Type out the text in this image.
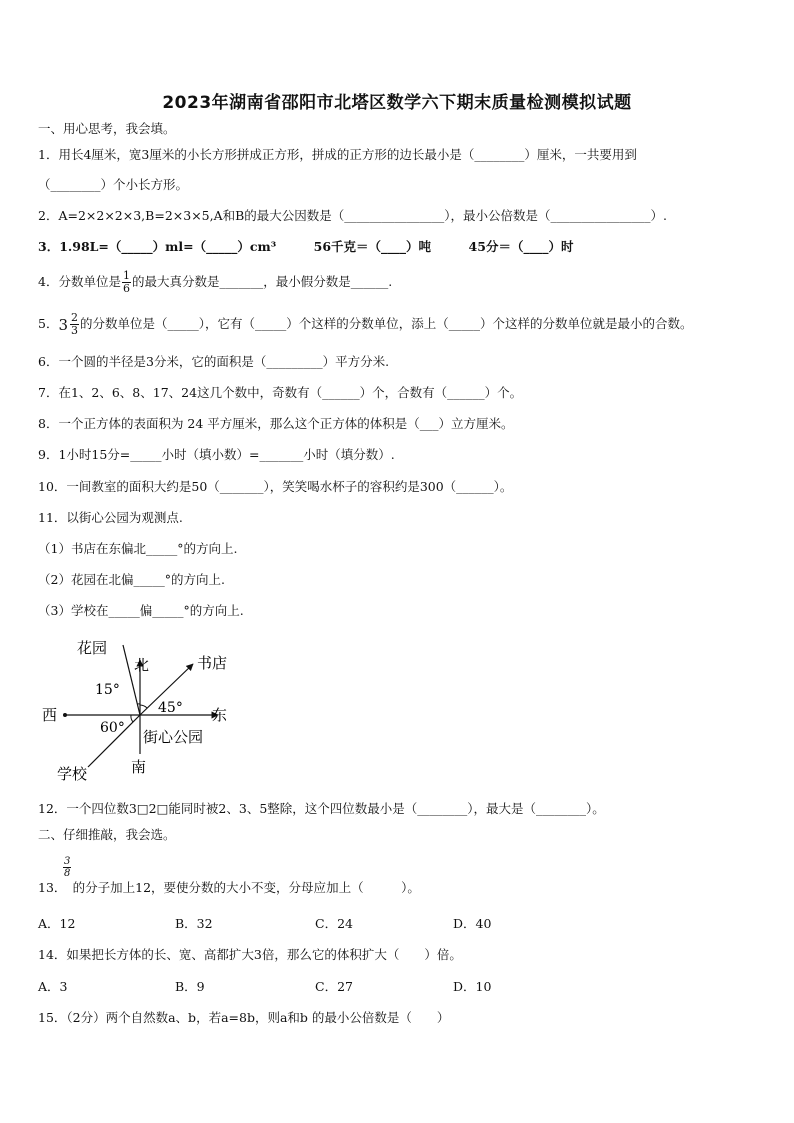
2023年湖南省邵阳市北塔区数学六下期末质量检测模拟试题
一、用心思考，我会填。
1．用长4厘米，宽3厘米的小长方形拼成正方形，拼成的正方形的边长最小是（________）厘米，一共要用到
（________）个小长方形。
2．A=2×2×2×3,B=2×3×5,A和B的最大公因数是（________________），最小公倍数是（________________）.
3．1.98L=（_____）ml=（_____）cm³　　　56千克＝（____）吨　　　45分＝（____）时
4．分数单位是 $\frac{1}{6}$ 的最大真分数是_______，最小假分数是______.
5． $3 \frac{2}{3}$ 的分数单位是（_____），它有（_____）个这样的分数单位，添上（_____）个这样的分数单位就是最小的合数。
6．一个圆的半径是3分米，它的面积是（_________）平方分米.
7．在1、2、6、8、17、24这几个数中，奇数有（______）个，合数有（______）个。
8．一个正方体的表面积为 24 平方厘米，那么这个正方体的体积是（___）立方厘米。
9．1小时15分=_____小时（填小数）=_______小时（填分数）.
10．一间教室的面积大约是50（_______），笑笑喝水杯子的容积约是300（______）。
11．以街心公园为观测点.
（1）书店在东偏北_____°的方向上.
（2）花园在北偏_____°的方向上.
（3）学校在_____偏_____°的方向上.
花园
北	书店
15°
45°
西	东
60° 街心公园
南
学校
12．一个四位数3□2□能同时被2、3、5整除，这个四位数最小是（________），最大是（________）。
二、仔细推敲，我会选。
$\frac{3}{8}$
13．　的分子加上12，要使分数的大小不变，分母应加上（　　　）。
A．12	B．32	C．24	D．40
14．如果把长方体的长、宽、高都扩大3倍，那么它的体积扩大（　　）倍。
A．3	B．9	C．27	D．10
15．（2分）两个自然数a、b，若a=8b，则a和b 的最小公倍数是（　　）
